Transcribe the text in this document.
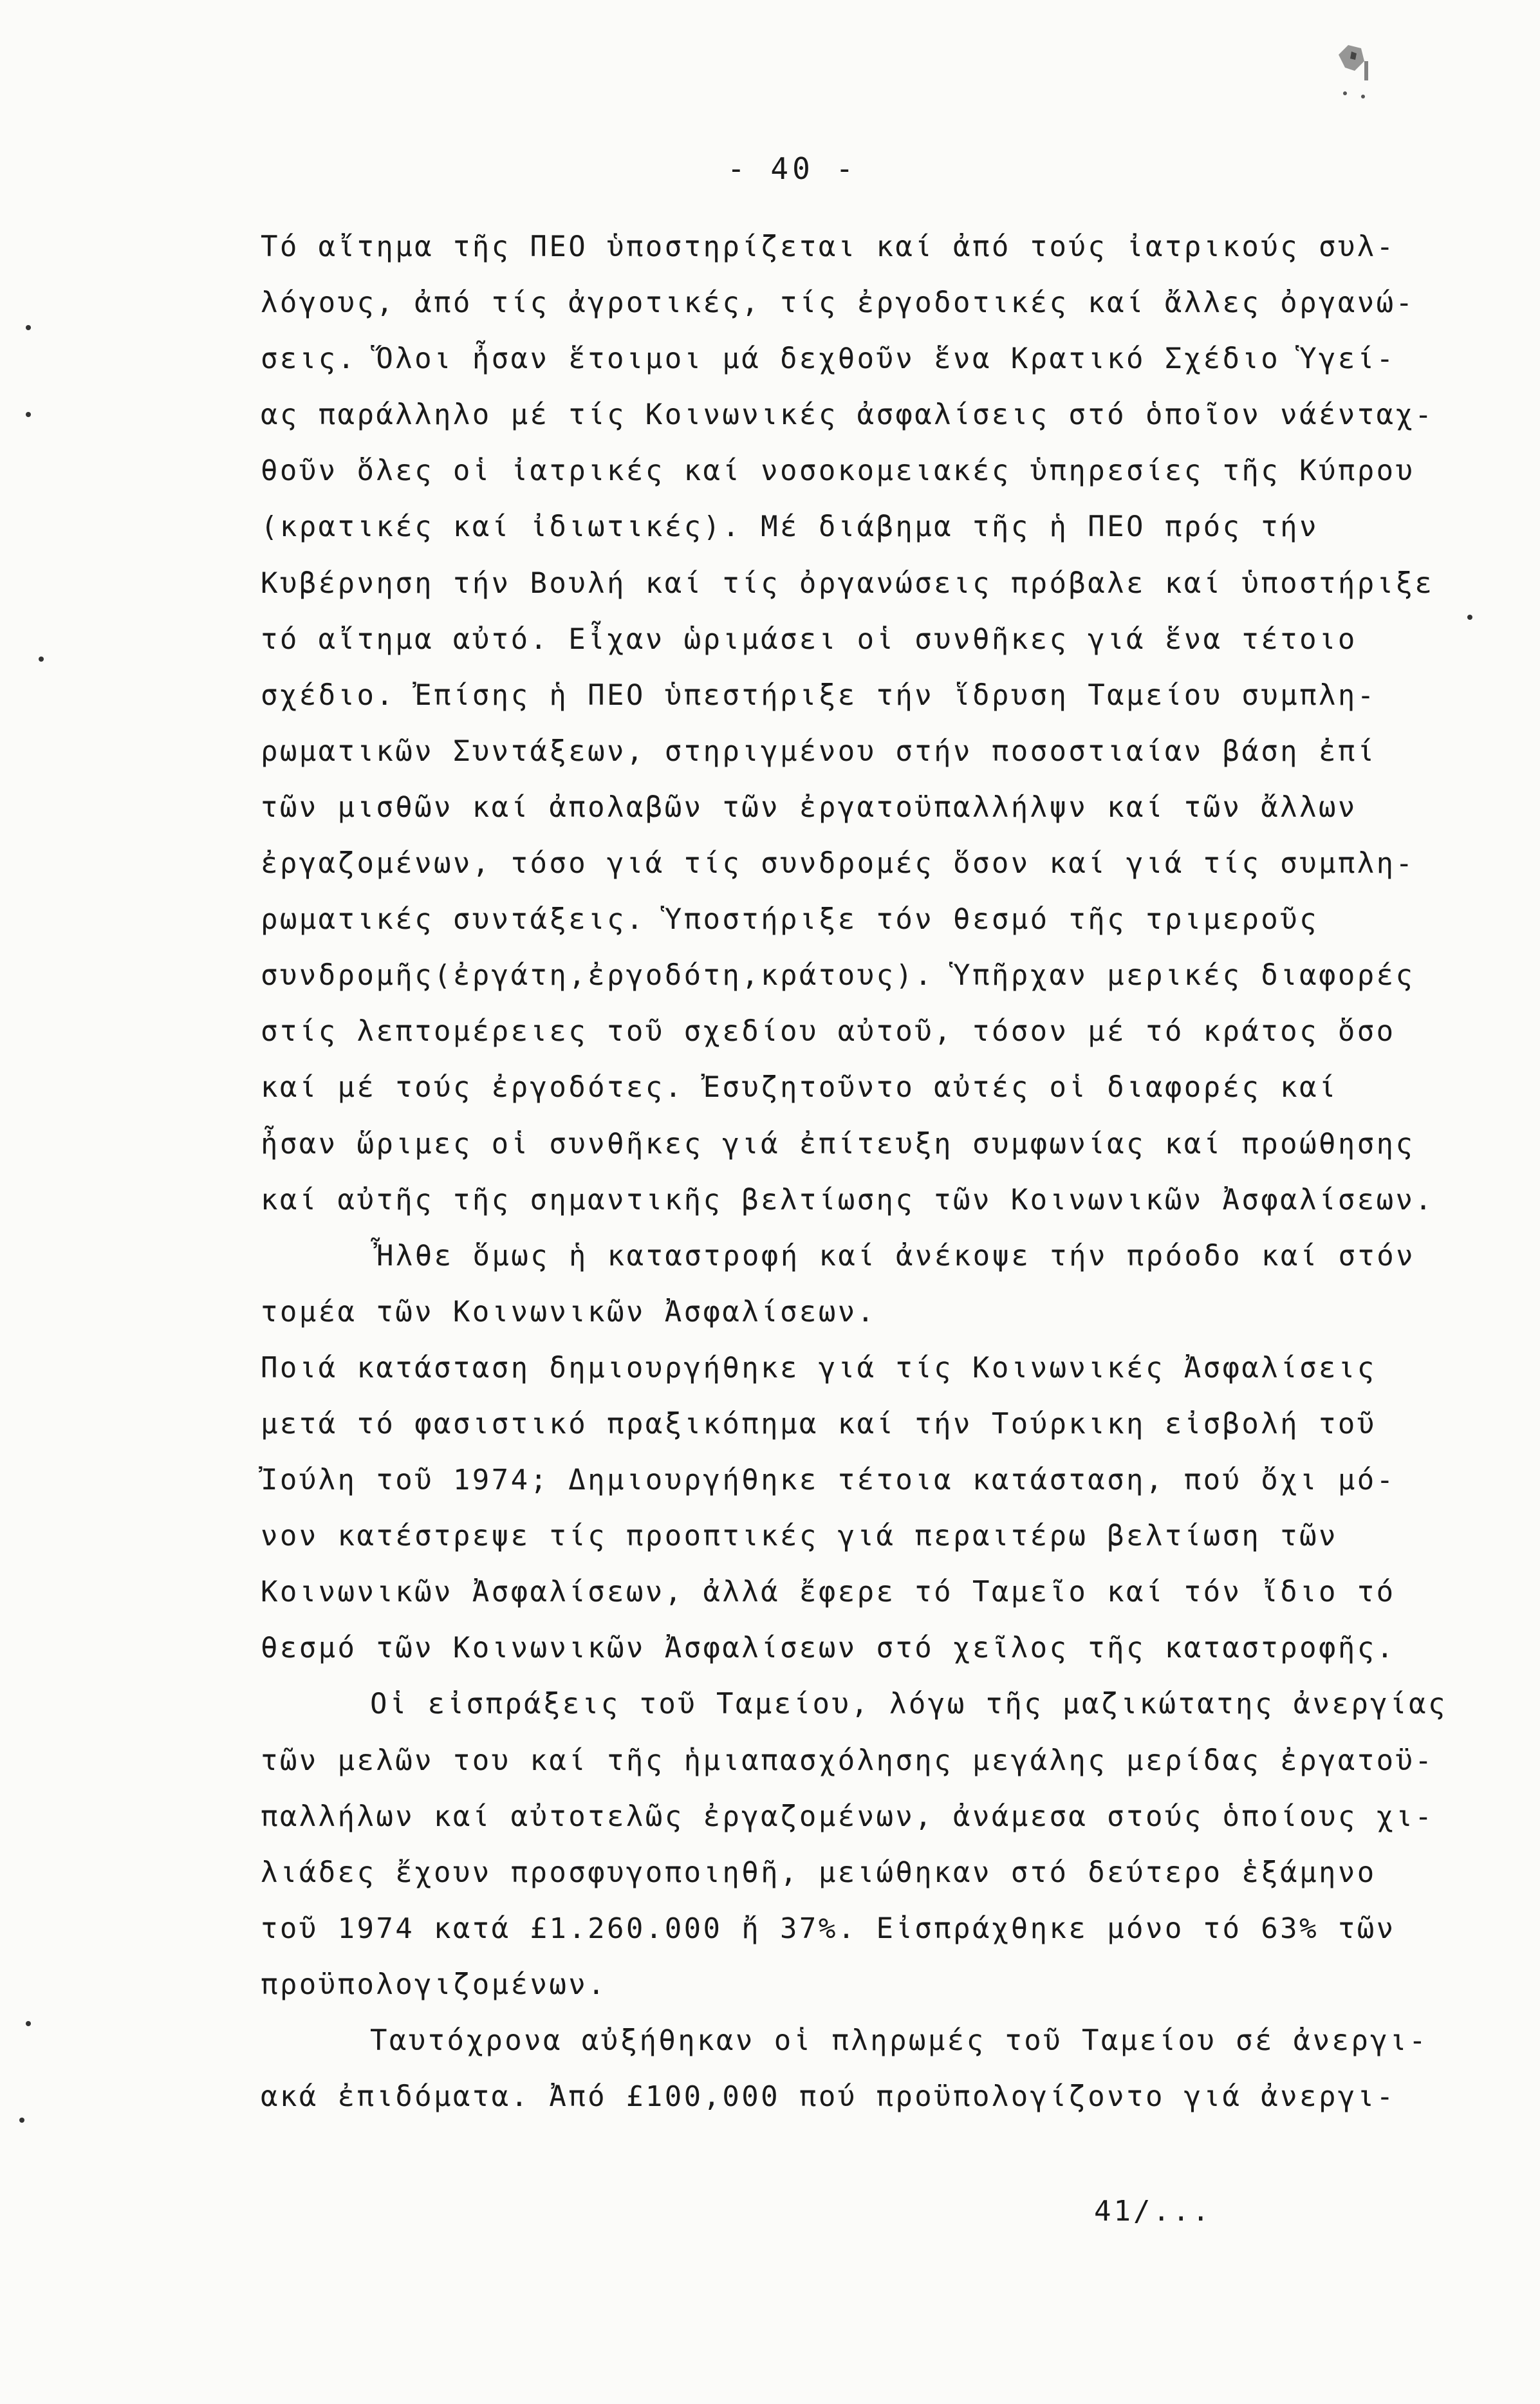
- 40 -
Τό αἴτημα τῆς ΠΕΟ ὑποστηρίζεται καί ἀπό τούς ἰατρικούς συλ-
λόγους, ἀπό τίς ἀγροτικές, τίς ἐργοδοτικές καί ἄλλες ὀργανώ-
σεις. Ὅλοι ἦσαν ἕτοιμοι μά δεχθοῦν ἕνα Κρατικό Σχέδιο Ὑγεί-
ας παράλληλο μέ τίς Κοινωνικές ἀσφαλίσεις στό ὁποῖον νάένταχ-
θοῦν ὅλες οἱ ἰατρικές καί νοσοκομειακές ὑπηρεσίες τῆς Κύπρου
(κρατικές καί ἰδιωτικές). Μέ διάβημα τῆς ἡ ΠΕΟ πρός τήν
Κυβέρνηση τήν Βουλή καί τίς ὀργανώσεις πρόβαλε καί ὑποστήριξε
τό αἴτημα αὐτό. Εἶχαν ὡριμάσει οἱ συνθῆκες γιά ἕνα τέτοιο
σχέδιο. Ἐπίσης ἡ ΠΕΟ ὑπεστήριξε τήν ἵδρυση Ταμείου συμπλη-
ρωματικῶν Συντάξεων, στηριγμένου στήν ποσοστιαίαν βάση ἐπί
τῶν μισθῶν καί ἀπολαβῶν τῶν ἐργατοϋπαλλήλψν καί τῶν ἄλλων
ἐργαζομένων, τόσο γιά τίς συνδρομές ὅσον καί γιά τίς συμπλη-
ρωματικές συντάξεις. Ὑποστήριξε τόν θεσμό τῆς τριμεροῦς
συνδρομῆς(ἐργάτη,ἐργοδότη,κράτους). Ὑπῆρχαν μερικές διαφορές
στίς λεπτομέρειες τοῦ σχεδίου αὐτοῦ, τόσον μέ τό κράτος ὅσο
καί μέ τούς ἐργοδότες. Ἐσυζητοῦντο αὐτές οἱ διαφορές καί
ἦσαν ὥριμες οἱ συνθῆκες γιά ἐπίτευξη συμφωνίας καί προώθησης
καί αὐτῆς τῆς σημαντικῆς βελτίωσης τῶν Κοινωνικῶν Ἀσφαλίσεων.
Ἦλθε ὅμως ἡ καταστροφή καί ἀνέκοψε τήν πρόοδο καί στόν
τομέα τῶν Κοινωνικῶν Ἀσφαλίσεων.
Ποιά κατάσταση δημιουργήθηκε γιά τίς Κοινωνικές Ἀσφαλίσεις
μετά τό φασιστικό πραξικόπημα καί τήν Τούρκικη εἰσβολή τοῦ
Ἰούλη τοῦ 1974; Δημιουργήθηκε τέτοια κατάσταση, πού ὄχι μό-
νον κατέστρεψε τίς προοπτικές γιά περαιτέρω βελτίωση τῶν
Κοινωνικῶν Ἀσφαλίσεων, ἀλλά ἔφερε τό Ταμεῖο καί τόν ἴδιο τό
θεσμό τῶν Κοινωνικῶν Ἀσφαλίσεων στό χεῖλος τῆς καταστροφῆς.
Οἱ εἰσπράξεις τοῦ Ταμείου, λόγω τῆς μαζικώτατης ἀνεργίας
τῶν μελῶν του καί τῆς ἡμιαπασχόλησης μεγάλης μερίδας ἐργατοϋ-
παλλήλων καί αὐτοτελῶς ἐργαζομένων, ἀνάμεσα στούς ὁποίους χι-
λιάδες ἔχουν προσφυγοποιηθῆ, μειώθηκαν στό δεύτερο ἑξάμηνο
τοῦ 1974 κατά £1.260.000 ἤ 37%. Εἰσπράχθηκε μόνο τό 63% τῶν
προϋπολογιζομένων.
Ταυτόχρονα αὐξήθηκαν οἱ πληρωμές τοῦ Ταμείου σέ ἀνεργι-
ακά ἐπιδόματα. Ἀπό £100,000 πού προϋπολογίζοντο γιά ἀνεργι-
41/...
